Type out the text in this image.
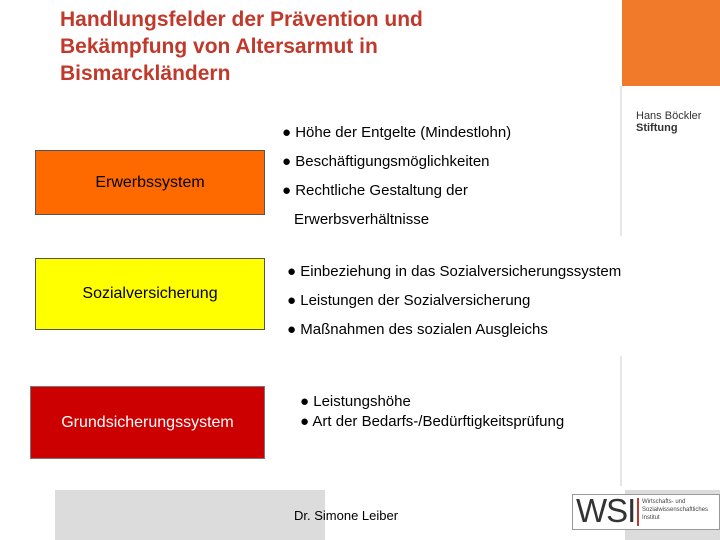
Handlungsfelder der Prävention und
Bekämpfung von Altersarmut in
Bismarckländern
Hans Böckler
Stiftung
Erwerbssystem
Sozialversicherung
Grundsicherungssystem
● Höhe der Entgelte (Mindestlohn)
● Beschäftigungsmöglichkeiten
● Rechtliche Gestaltung der
Erwerbsverhältnisse
● Einbeziehung in das Sozialversicherungssystem
● Leistungen der Sozialversicherung
● Maßnahmen des sozialen Ausgleichs
● Leistungshöhe
● Art der Bedarfs-/Bedürftigkeitsprüfung
Dr. Simone Leiber	WSI Wirtschafts- und
Sozialwissenschaftliches
Institut
